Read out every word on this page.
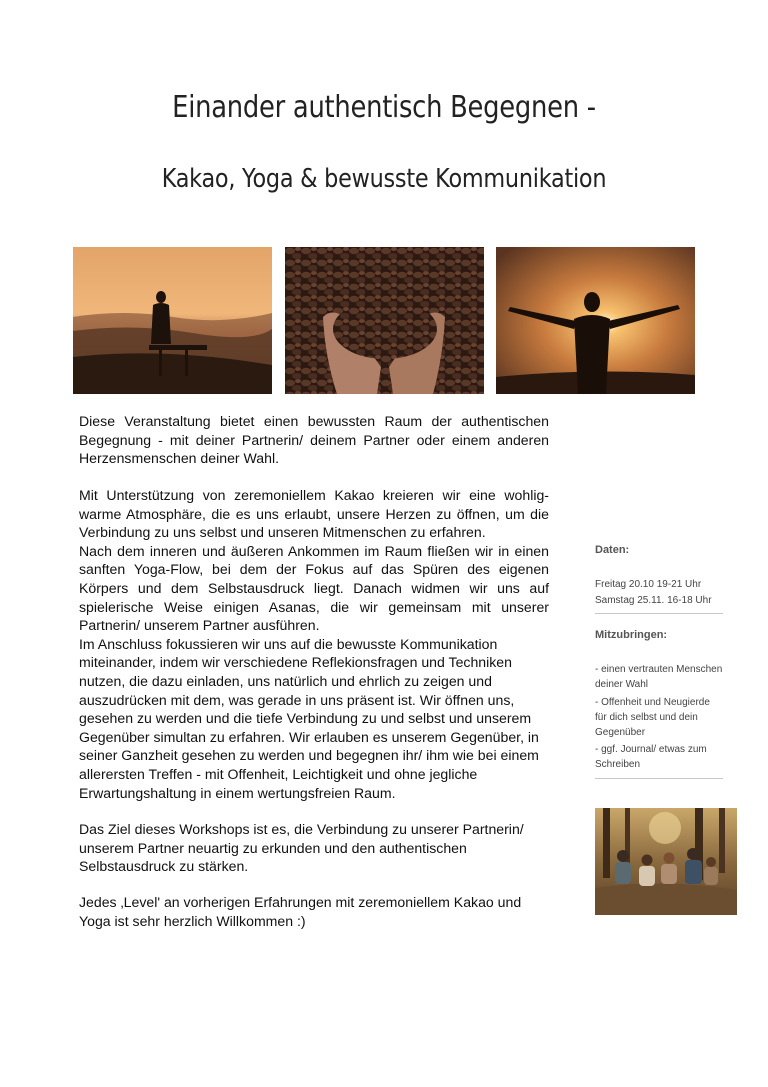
Einander authentisch Begegnen -
Kakao, Yoga & bewusste Kommunikation

Diese Veranstaltung bietet einen bewussten Raum der authentischen Begegnung - mit deiner Partnerin/ deinem Partner oder einem anderen Herzensmenschen deiner Wahl.

Mit Unterstützung von zeremoniellem Kakao kreieren wir eine wohlig-warme Atmosphäre, die es uns erlaubt, unsere Herzen zu öffnen, um die Verbindung zu uns selbst und unseren Mitmenschen zu erfahren.

Nach dem inneren und äußeren Ankommen im Raum fließen wir in einen sanften Yoga-Flow, bei dem der Fokus auf das Spüren des eigenen Körpers und dem Selbstausdruck liegt. Danach widmen wir uns auf spielerische Weise einigen Asanas, die wir gemeinsam mit unserer Partnerin/ unserem Partner ausführen.

Im Anschluss fokussieren wir uns auf die bewusste Kommunikation miteinander, indem wir verschiedene Reflekionsfragen und Techniken nutzen, die dazu einladen, uns natürlich und ehrlich zu zeigen und auszudrücken mit dem, was gerade in uns präsent ist. Wir öffnen uns, gesehen zu werden und die tiefe Verbindung zu und selbst und unserem Gegenüber simultan zu erfahren. Wir erlauben es unserem Gegenüber, in seiner Ganzheit gesehen zu werden und begegnen ihr/ ihm wie bei einem allerersten Treffen - mit Offenheit, Leichtigkeit und ohne jegliche Erwartungshaltung in einem wertungsfreien Raum.

Das Ziel dieses Workshops ist es, die Verbindung zu unserer Partnerin/ unserem Partner neuartig zu erkunden und den authentischen Selbstausdruck zu stärken.

Jedes ‚Level' an vorherigen Erfahrungen mit zeremoniellem Kakao und Yoga ist sehr herzlich Willkommen :)

Daten:
Freitag 20.10 19-21 Uhr
Samstag 25.11. 16-18 Uhr
Mitzubringen:
- einen vertrauten Menschen deiner Wahl
- Offenheit und Neugierde für dich selbst und dein Gegenüber
- ggf. Journal/ etwas zum Schreiben
